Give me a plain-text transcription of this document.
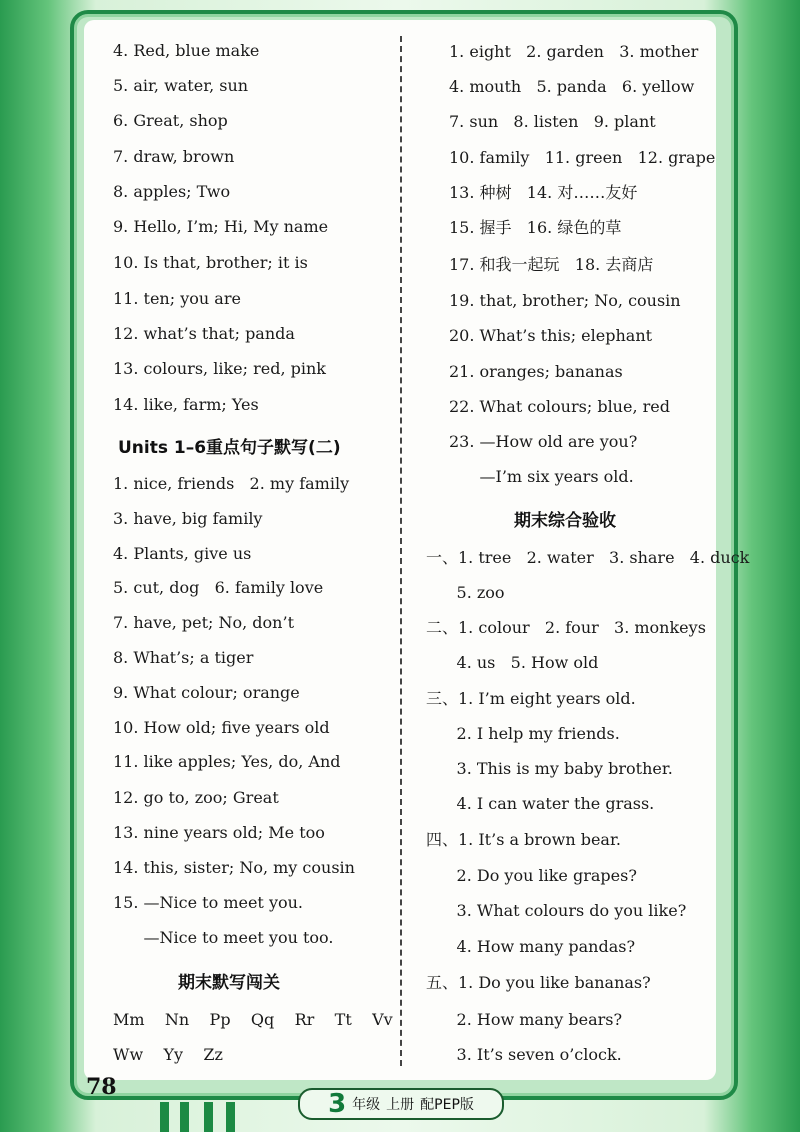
4. Red, blue make
5. air, water, sun
6. Great, shop
7. draw, brown
8. apples; Two
9. Hello, I’m; Hi, My name
10. Is that, brother; it is
11. ten; you are
12. what’s that; panda
13. colours, like; red, pink
14. like, farm; Yes
Units 1–6重点句子默写(二)
1. nice, friends   2. my family
3. have, big family
4. Plants, give us
5. cut, dog   6. family love
7. have, pet; No, don’t
8. What’s; a tiger
9. What colour; orange
10. How old; five years old
11. like apples; Yes, do, And
12. go to, zoo; Great
13. nine years old; Me too
14. this, sister; No, my cousin
15. —Nice to meet you.
—Nice to meet you too.
期末默写闯关
Mm    Nn    Pp    Qq    Rr    Tt    Vv
Ww    Yy    Zz
1. eight   2. garden   3. mother
4. mouth   5. panda   6. yellow
7. sun   8. listen   9. plant
10. family   11. green   12. grape
13. 种树   14. 对……友好
15. 握手   16. 绿色的草
17. 和我一起玩   18. 去商店
19. that, brother; No, cousin
20. What’s this; elephant
21. oranges; bananas
22. What colours; blue, red
23. —How old are you?
—I’m six years old.
期末综合验收
一、1. tree   2. water   3. share   4. duck
5. zoo
二、1. colour   2. four   3. monkeys
4. us   5. How old
三、1. I’m eight years old.
2. I help my friends.
3. This is my baby brother.
4. I can water the grass.
四、1. It’s a brown bear.
2. Do you like grapes?
3. What colours do you like?
4. How many pandas?
五、1. Do you like bananas?
2. How many bears?
3. It’s seven o’clock.
78
3 年级 上册 配PEP版
